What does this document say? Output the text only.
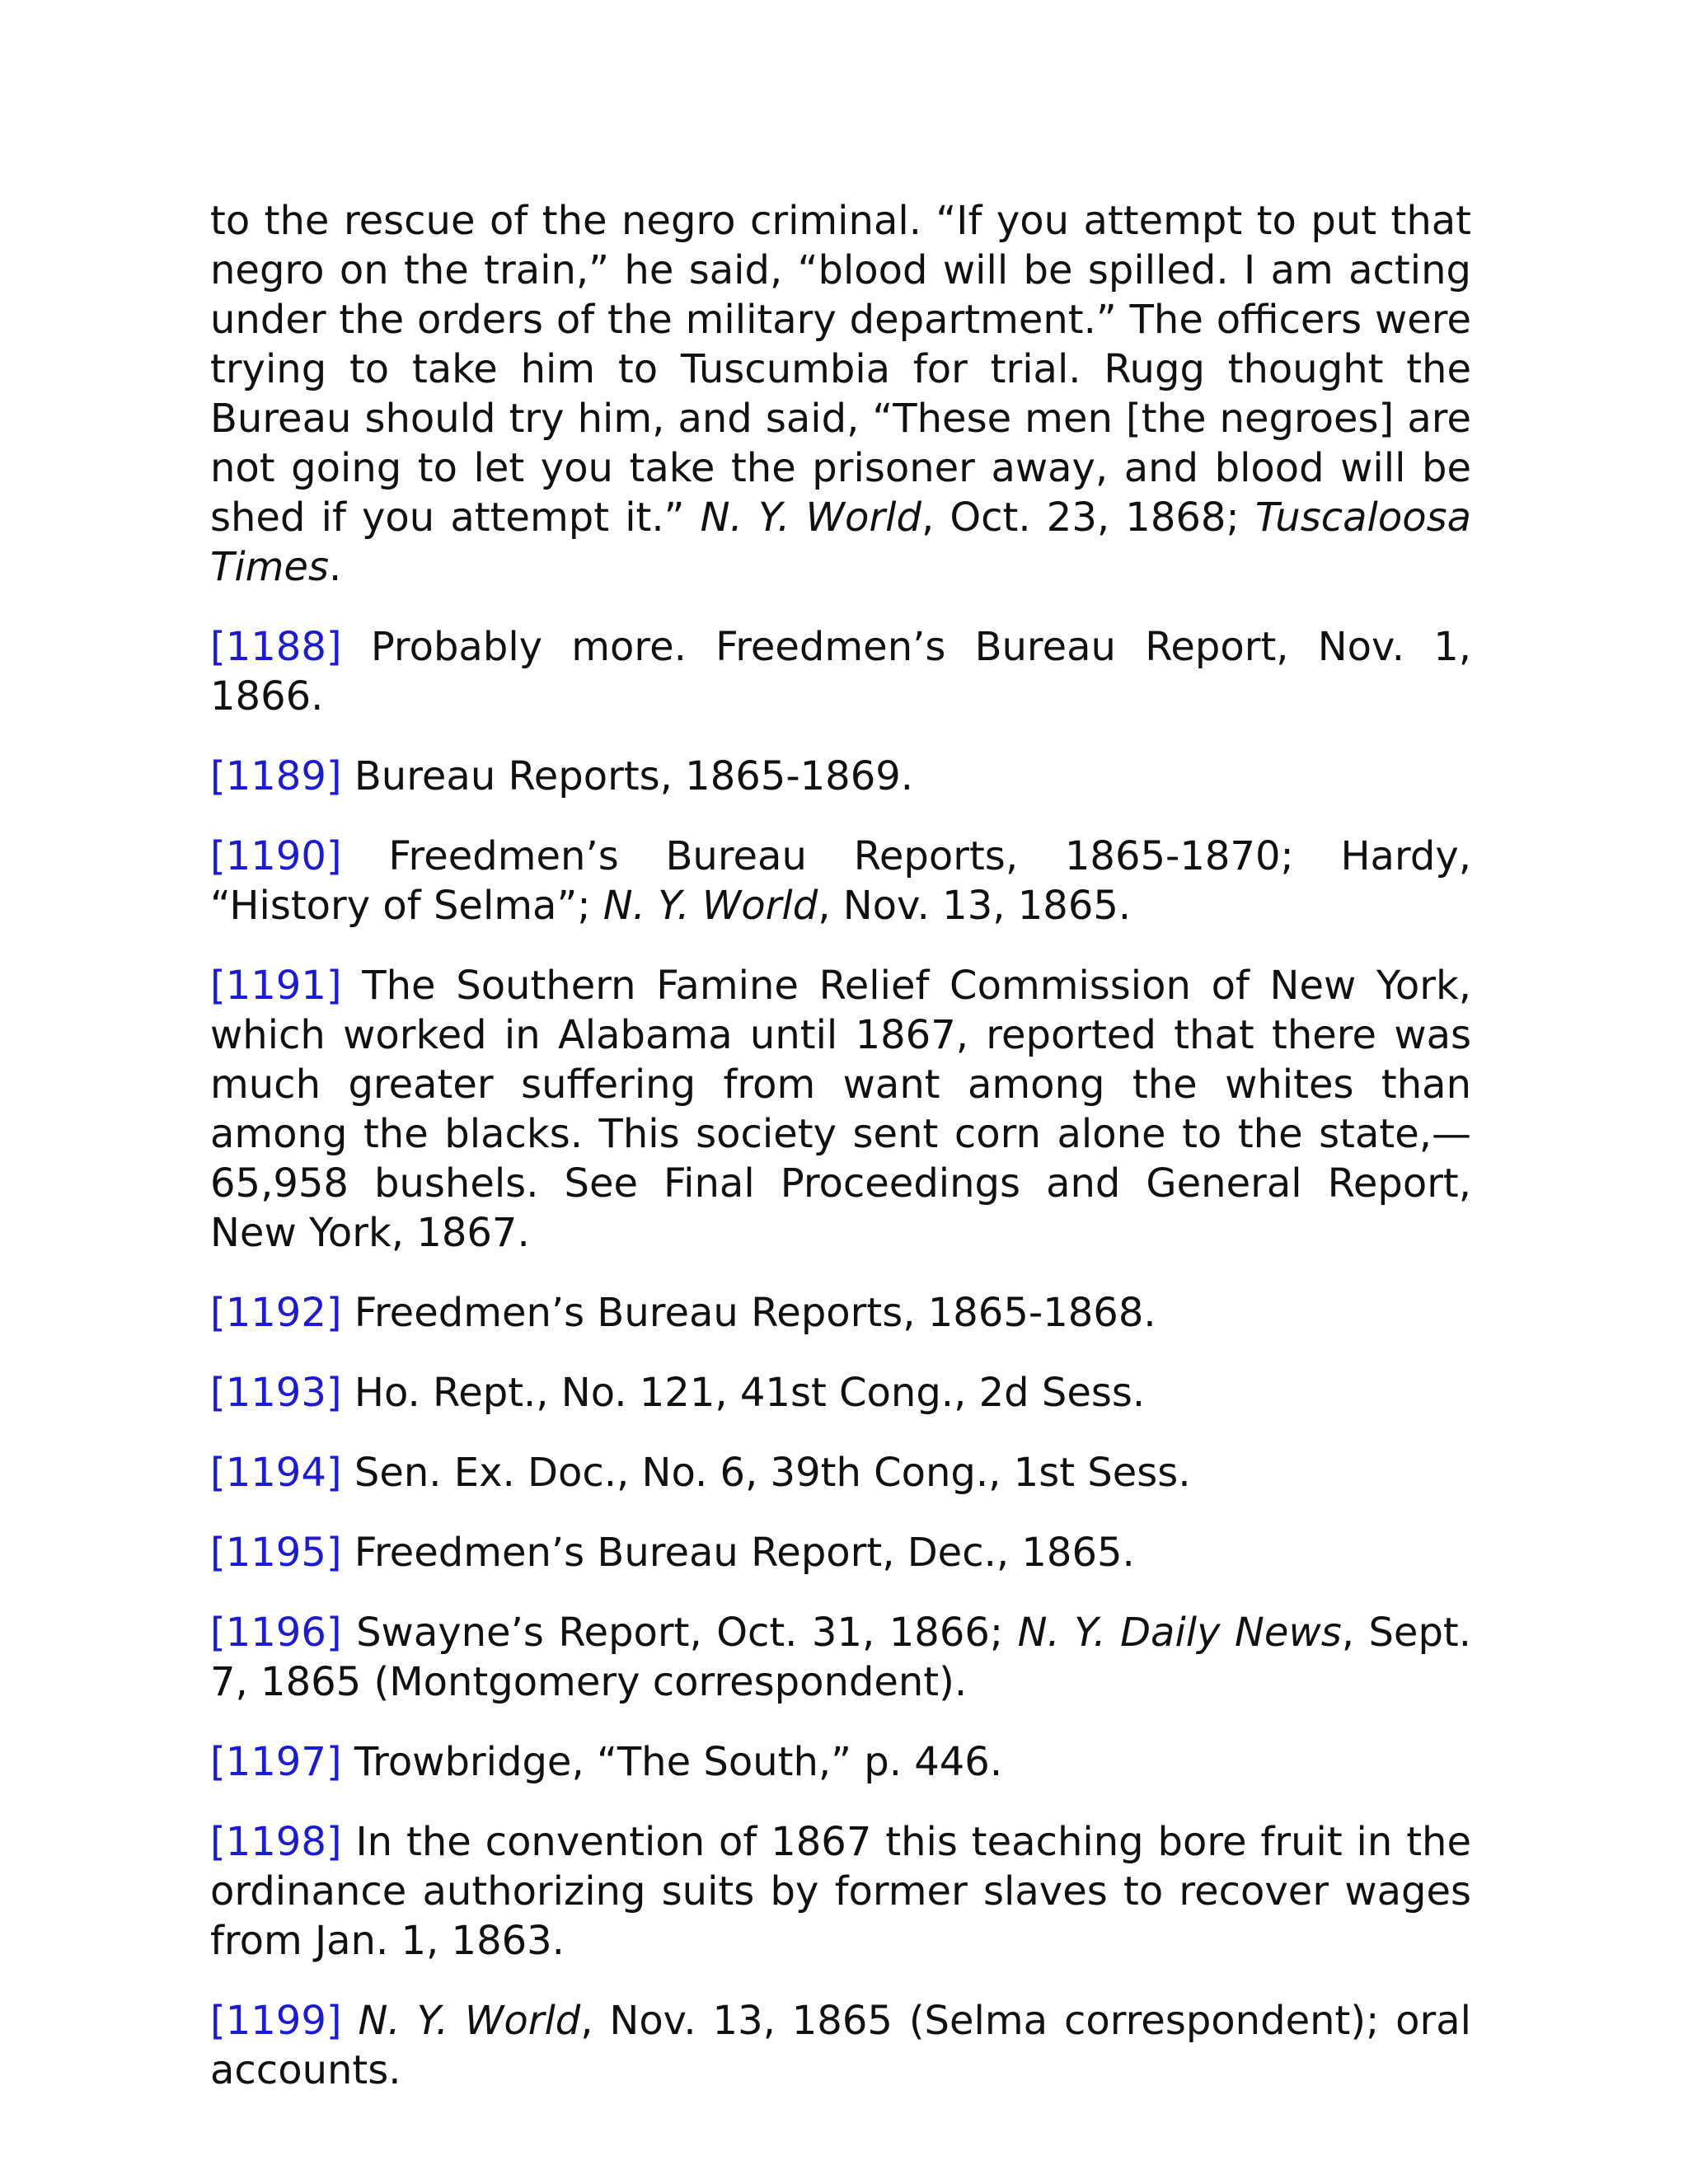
to the rescue of the negro criminal. “If you attempt to put that negro on the train,” he said, “blood will be spilled. I am acting under the orders of the military department.” The officers were trying to take him to Tuscumbia for trial. Rugg thought the Bureau should try him, and said, “These men [the negroes] are not going to let you take the prisoner away, and blood will be shed if you attempt it.” N. Y. World, Oct. 23, 1868; Tuscaloosa Times.

[1188] Probably more. Freedmen’s Bureau Report, Nov. 1, 1866.

[1189] Bureau Reports, 1865-1869.

[1190] Freedmen’s Bureau Reports, 1865-1870; Hardy, “History of Selma”; N. Y. World, Nov. 13, 1865.

[1191] The Southern Famine Relief Commission of New York, which worked in Alabama until 1867, reported that there was much greater suffering from want among the whites than among the blacks. This society sent corn alone to the state,—65,958 bushels. See Final Proceedings and General Report, New York, 1867.

[1192] Freedmen’s Bureau Reports, 1865-1868.

[1193] Ho. Rept., No. 121, 41st Cong., 2d Sess.

[1194] Sen. Ex. Doc., No. 6, 39th Cong., 1st Sess.

[1195] Freedmen’s Bureau Report, Dec., 1865.

[1196] Swayne’s Report, Oct. 31, 1866; N. Y. Daily News, Sept. 7, 1865 (Montgomery correspondent).

[1197] Trowbridge, “The South,” p. 446.

[1198] In the convention of 1867 this teaching bore fruit in the ordinance authorizing suits by former slaves to recover wages from Jan. 1, 1863.

[1199] N. Y. World, Nov. 13, 1865 (Selma correspondent); oral accounts.
